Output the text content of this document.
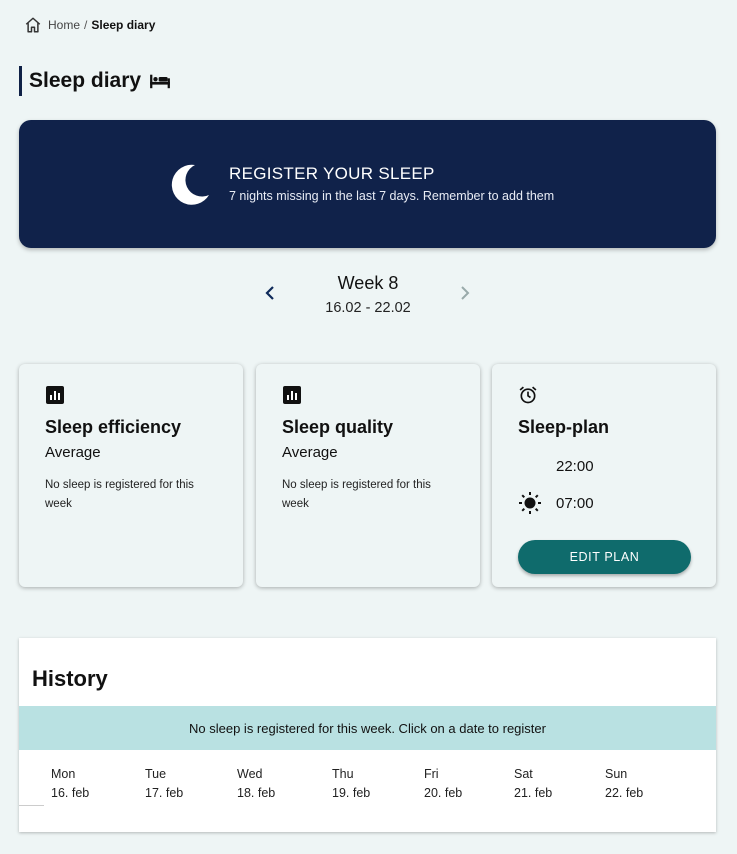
Home / Sleep diary
Sleep diary
REGISTER YOUR SLEEP
7 nights missing in the last 7 days. Remember to add them
Week 8
16.02 - 22.02
Sleep efficiency
Average
No sleep is registered for this week
Sleep quality
Average
No sleep is registered for this week
Sleep-plan
22:00
07:00
EDIT PLAN
History
No sleep is registered for this week. Click on a date to register
Mon
16. feb
Tue
17. feb
Wed
18. feb
Thu
19. feb
Fri
20. feb
Sat
21. feb
Sun
22. feb
